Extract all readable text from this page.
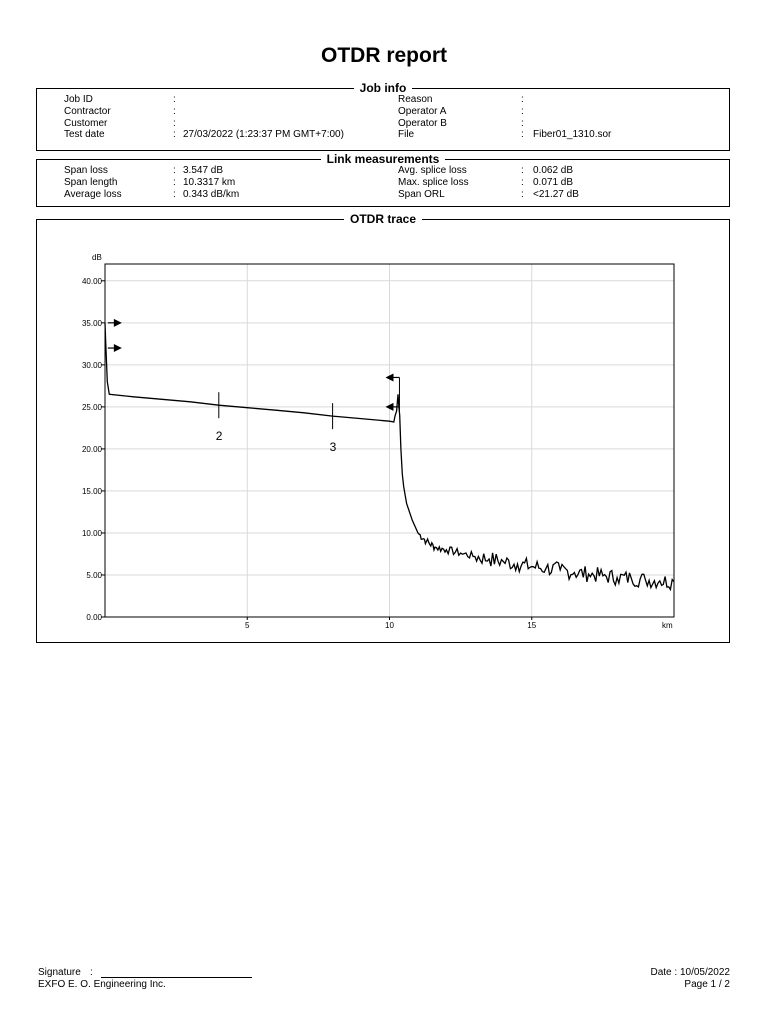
OTDR report
Job info
Job ID	:
Contractor	:
Customer	:
Test date	: 27/03/2022 (1:23:37 PM GMT+7:00)
Reason	:
Operator A	:
Operator B	:
File	: Fiber01_1310.sor
Link measurements
Span loss	: 3.547 dB
Span length	: 10.3317 km
Average loss	: 0.343 dB/km
Avg. splice loss	: 0.062 dB
Max. splice loss	: 0.071 dB
Span ORL	: <21.27 dB
OTDR trace
0.00
5.00
10.00
15.00
20.00
25.00
30.00
35.00
40.00
5	10	15
dB
km
2
3
Signature :
EXFO E. O. Engineering Inc.
Date : 10/05/2022
Page 1 / 2
